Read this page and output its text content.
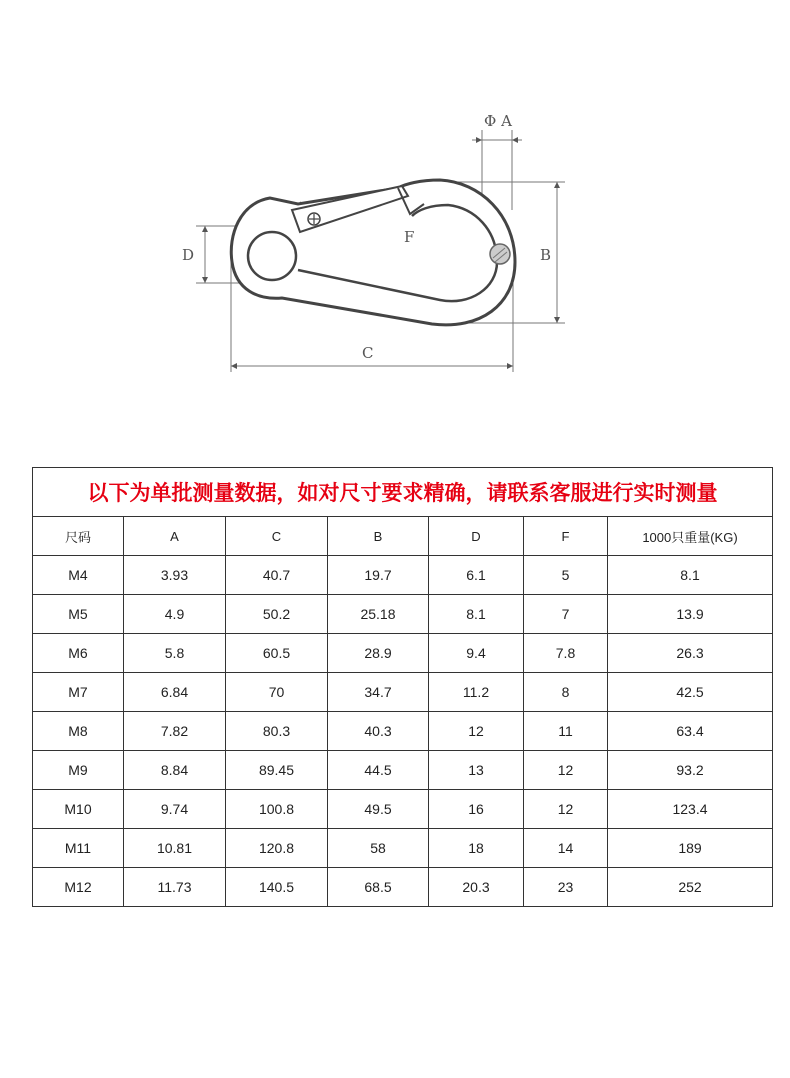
Φ A
D
F
B
C
以下为单批测量数据，如对尺寸要求精确，请联系客服进行实时测量						
尺码	A	C	B	D	F	1000只重量(KG)
M4	3.93	40.7	19.7	6.1	5	8.1
M5	4.9	50.2	25.18	8.1	7	13.9
M6	5.8	60.5	28.9	9.4	7.8	26.3
M7	6.84	70	34.7	11.2	8	42.5
M8	7.82	80.3	40.3	12	11	63.4
M9	8.84	89.45	44.5	13	12	93.2
M10	9.74	100.8	49.5	16	12	123.4
M11	10.81	120.8	58	18	14	189
M12	11.73	140.5	68.5	20.3	23	252
